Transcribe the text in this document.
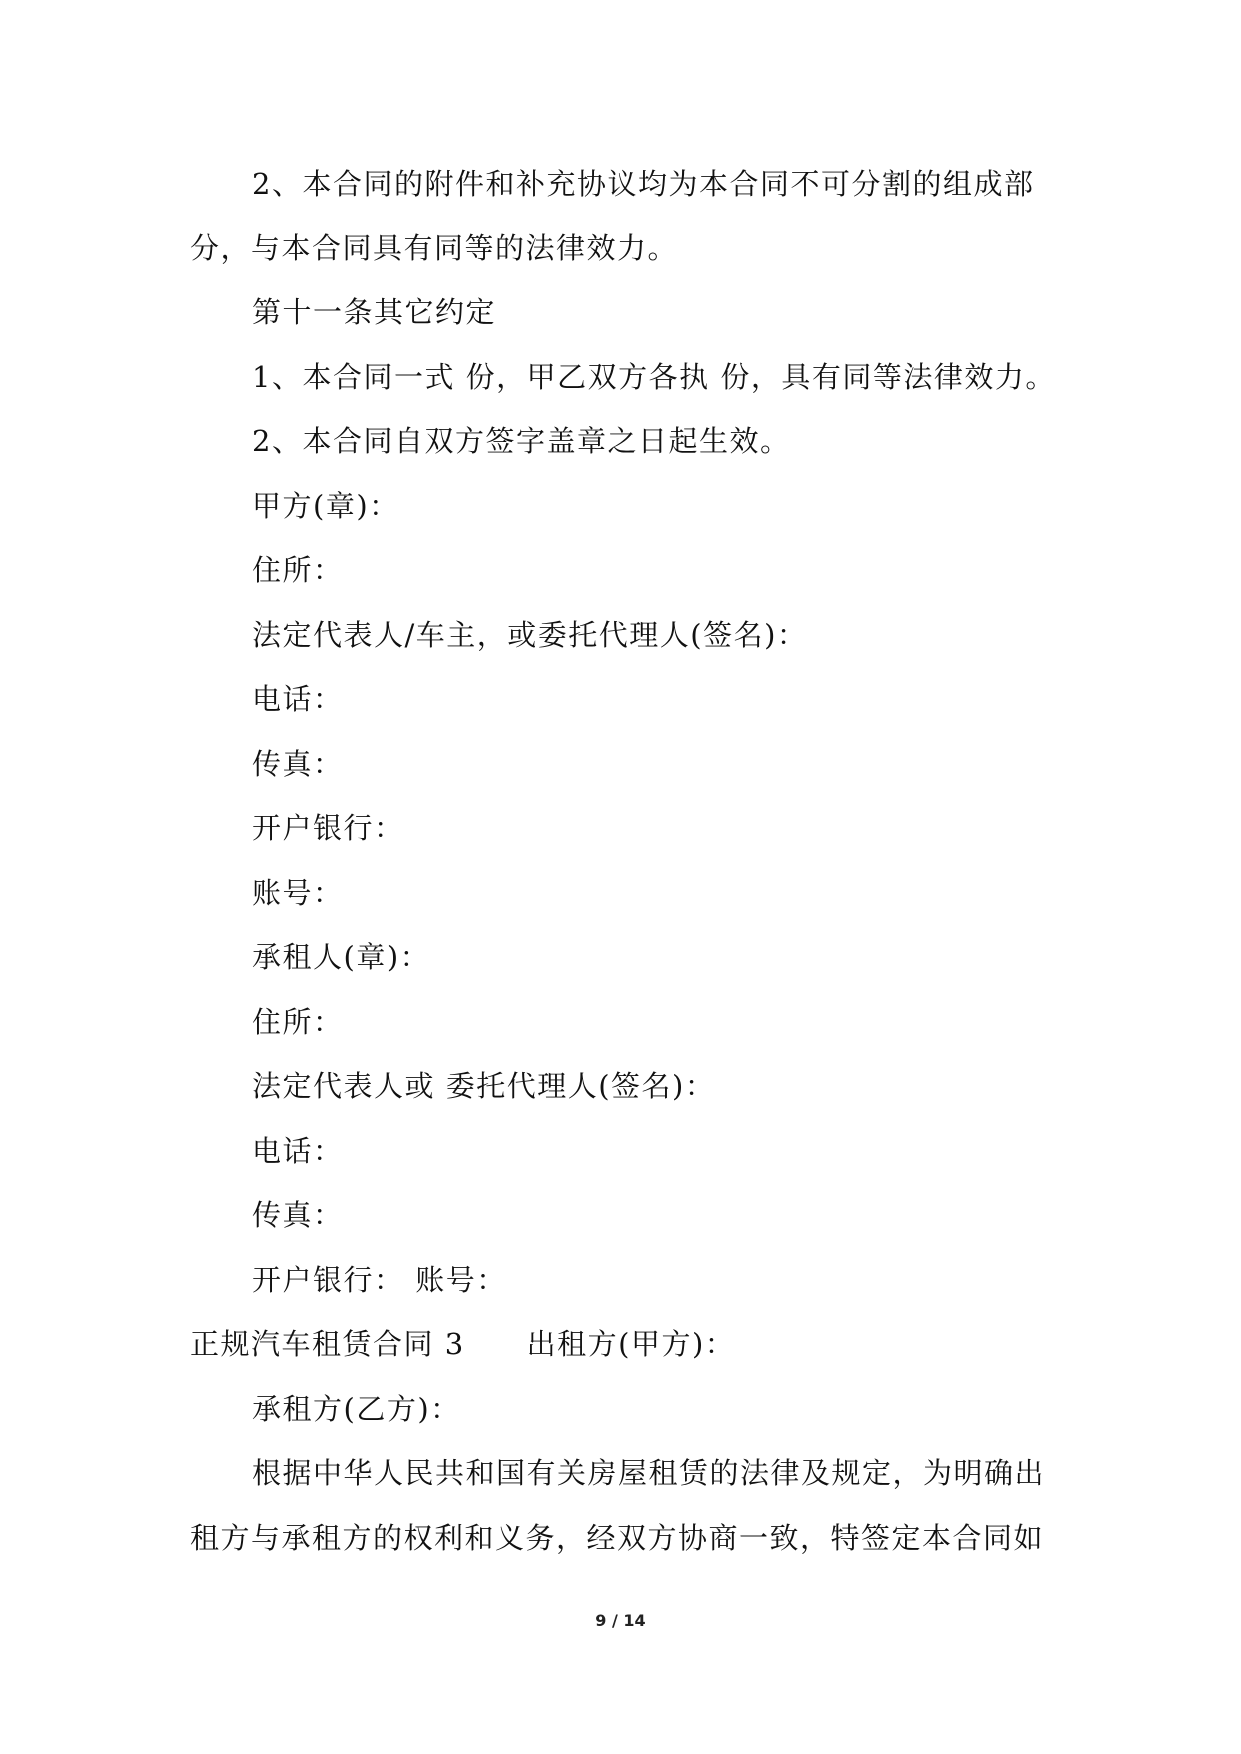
2、本合同的附件和补充协议均为本合同不可分割的组成部
分，与本合同具有同等的法律效力。
第十一条其它约定
1、本合同一式 份，甲乙双方各执 份，具有同等法律效力。
2、本合同自双方签字盖章之日起生效。
甲方(章)：
住所：
法定代表人/车主，或委托代理人(签名)：
电话：
传真：
开户银行：
账号：
承租人(章)：
住所：
法定代表人或 委托代理人(签名)：
电话：
传真：
开户银行： 账号：
正规汽车租赁合同 3 出租方(甲方)：
承租方(乙方)：
根据中华人民共和国有关房屋租赁的法律及规定，为明确出
租方与承租方的权利和义务，经双方协商一致，特签定本合同如
9 / 14
